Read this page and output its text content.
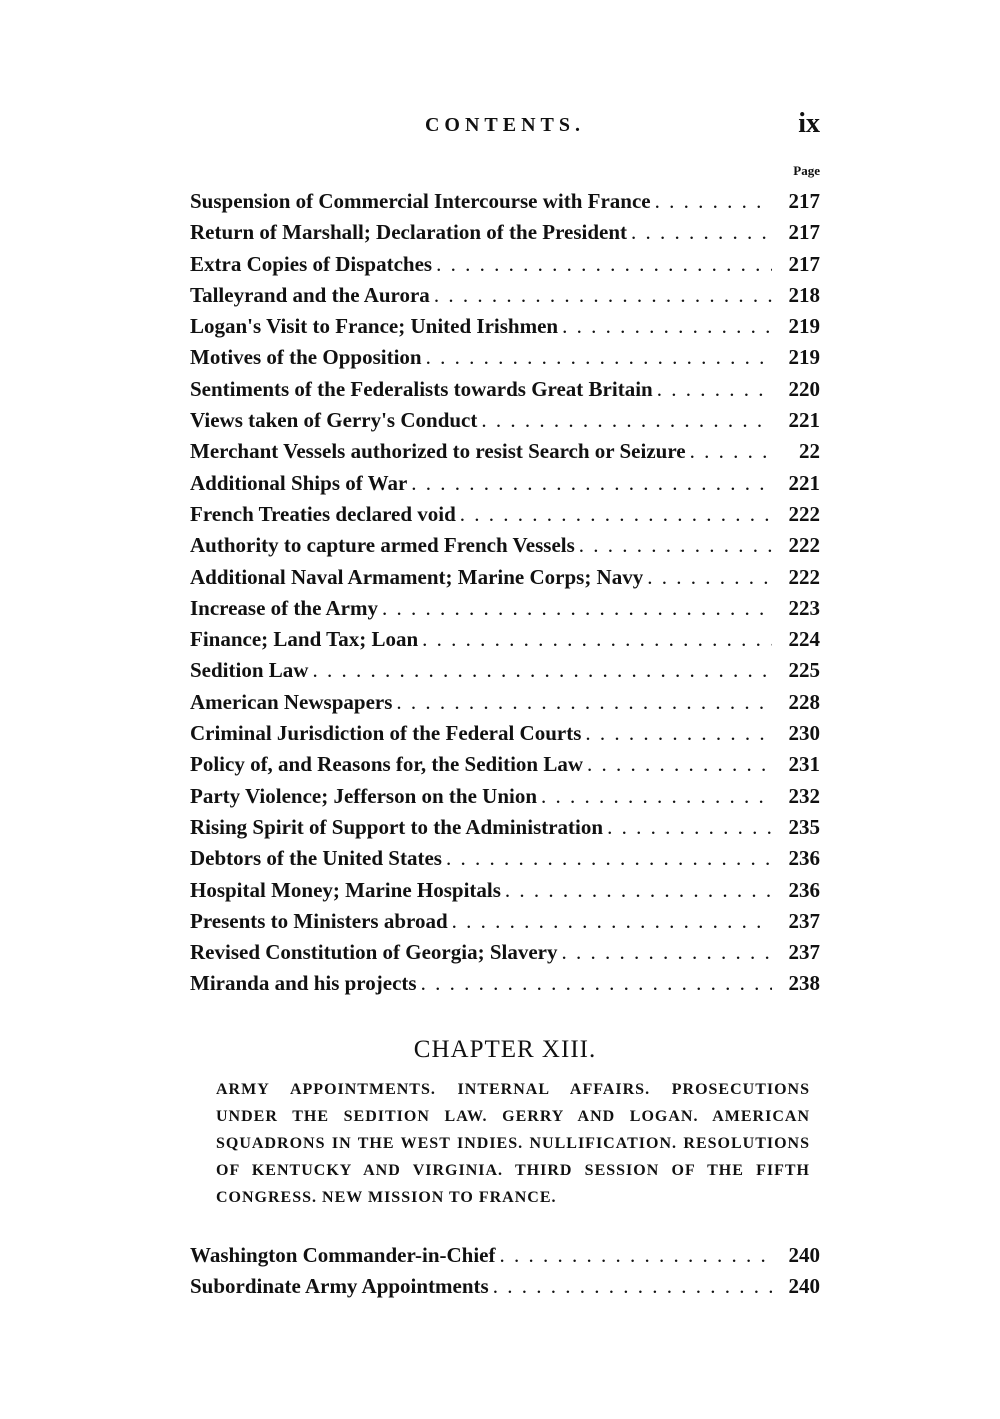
CONTENTS.	ix
Page
Suspension of Commercial Intercourse with France . . .	217
Return of Marshall; Declaration of the President . . .	217
Extra Copies of Dispatches . . .	217
Talleyrand and the Aurora . . .	218
Logan's Visit to France; United Irishmen . . .	219
Motives of the Opposition . . .	219
Sentiments of the Federalists towards Great Britain . . .	220
Views taken of Gerry's Conduct . . .	221
Merchant Vessels authorized to resist Search or Seizure . . .	22
Additional Ships of War . . .	221
French Treaties declared void . . .	222
Authority to capture armed French Vessels . . .	222
Additional Naval Armament; Marine Corps; Navy . . .	222
Increase of the Army . . .	223
Finance; Land Tax; Loan . . .	224
Sedition Law . . .	225
American Newspapers . . .	228
Criminal Jurisdiction of the Federal Courts . . .	230
Policy of, and Reasons for, the Sedition Law . . .	231
Party Violence; Jefferson on the Union . . .	232
Rising Spirit of Support to the Administration . . .	235
Debtors of the United States . . .	236
Hospital Money; Marine Hospitals . . .	236
Presents to Ministers abroad . . .	237
Revised Constitution of Georgia; Slavery . . .	237
Miranda and his projects . . .	238
CHAPTER XIII.
ARMY APPOINTMENTS. INTERNAL AFFAIRS. PROSECUTIONS UNDER THE SEDITION LAW. GERRY AND LOGAN. AMERICAN SQUADRONS IN THE WEST INDIES. NULLIFICATION. RESOLUTIONS OF KENTUCKY AND VIRGINIA. THIRD SESSION OF THE FIFTH CONGRESS. NEW MISSION TO FRANCE.
Washington Commander-in-Chief . . .	240
Subordinate Army Appointments . . .	240
